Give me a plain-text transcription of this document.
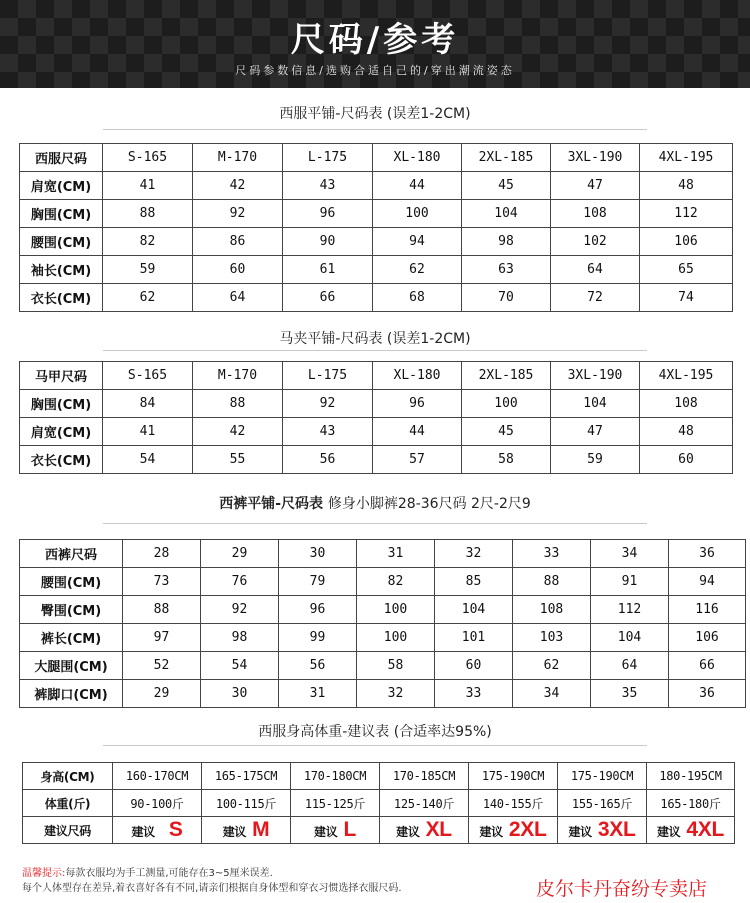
尺码/参考
尺码参数信息/选购合适自己的/穿出潮流姿态
西服平铺-尺码表 (误差1-2CM)
西服尺码	S-165	M-170	L-175	XL-180	2XL-185	3XL-190	4XL-195
肩宽(CM)	41	42	43	44	45	47	48
胸围(CM)	88	92	96	100	104	108	112
腰围(CM)	82	86	90	94	98	102	106
袖长(CM)	59	60	61	62	63	64	65
衣长(CM)	62	64	66	68	70	72	74
马夹平铺-尺码表 (误差1-2CM)
马甲尺码	S-165	M-170	L-175	XL-180	2XL-185	3XL-190	4XL-195
胸围(CM)	84	88	92	96	100	104	108
肩宽(CM)	41	42	43	44	45	47	48
衣长(CM)	54	55	56	57	58	59	60
西裤平铺-尺码表 修身小脚裤28-36尺码 2尺-2尺9
西裤尺码	28	29	30	31	32	33	34	36
腰围(CM)	73	76	79	82	85	88	91	94
臀围(CM)	88	92	96	100	104	108	112	116
裤长(CM)	97	98	99	100	101	103	104	106
大腿围(CM)	52	54	56	58	60	62	64	66
裤脚口(CM)	29	30	31	32	33	34	35	36
西服身高体重-建议表 (合适率达95%)
身高(CM)	160-170CM	165-175CM	170-180CM	170-185CM	175-190CM	175-190CM	180-195CM
体重(斤)	90-100斤	100-115斤	115-125斤	125-140斤	140-155斤	155-165斤	165-180斤
建议尺码	建议 S	建议 M	建议 L	建议 XL	建议 2XL	建议 3XL	建议 4XL
温馨提示:每款衣服均为手工测量,可能存在3~5厘米误差.
每个人体型存在差异,着衣喜好各有不同,请亲们根据自身体型和穿衣习惯选择衣服尺码.	皮尔卡丹奋纷专卖店
